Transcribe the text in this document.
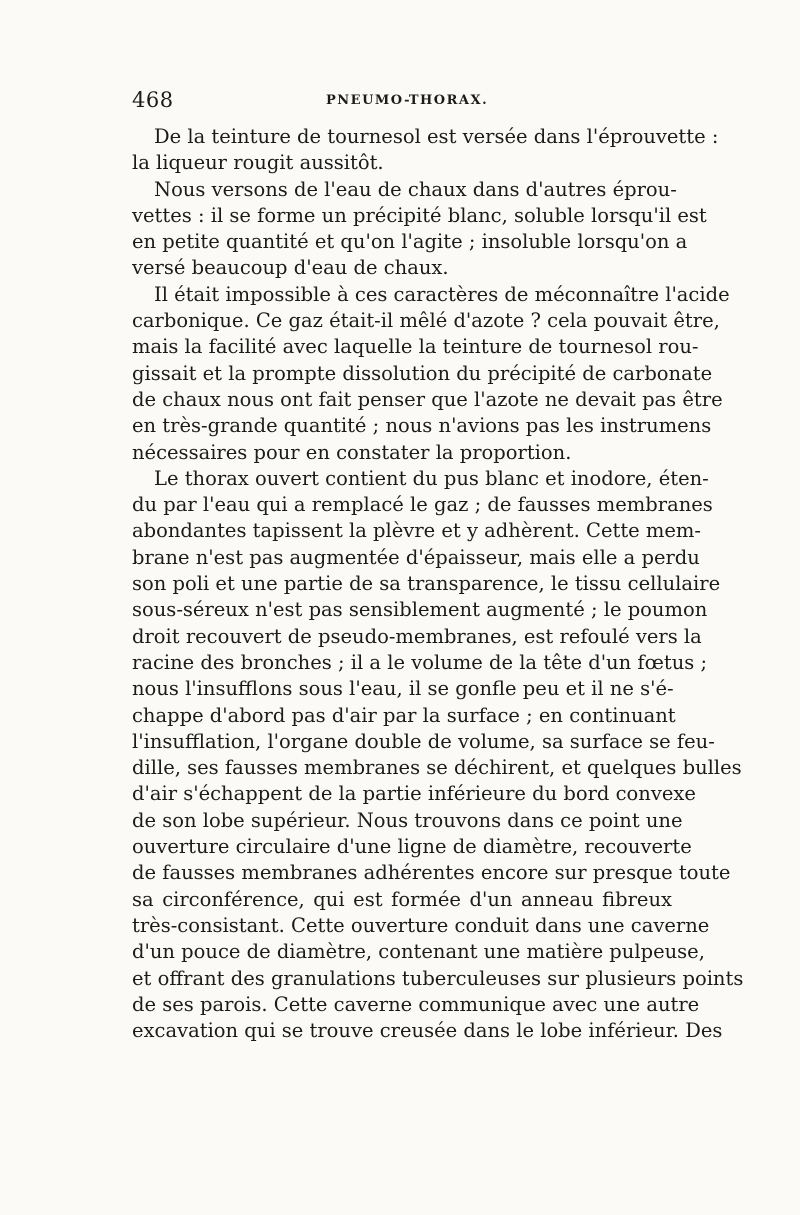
468	PNEUMO-THORAX.
De la teinture de tournesol est versée dans l'éprouvette :
la liqueur rougit aussitôt.
Nous versons de l'eau de chaux dans d'autres éprou-
vettes : il se forme un précipité blanc, soluble lorsqu'il est
en petite quantité et qu'on l'agite ; insoluble lorsqu'on a
versé beaucoup d'eau de chaux.
Il était impossible à ces caractères de méconnaître l'acide
carbonique. Ce gaz était-il mêlé d'azote ? cela pouvait être,
mais la facilité avec laquelle la teinture de tournesol rou-
gissait et la prompte dissolution du précipité de carbonate
de chaux nous ont fait penser que l'azote ne devait pas être
en très-grande quantité ; nous n'avions pas les instrumens
nécessaires pour en constater la proportion.
Le thorax ouvert contient du pus blanc et inodore, éten-
du par l'eau qui a remplacé le gaz ; de fausses membranes
abondantes tapissent la plèvre et y adhèrent. Cette mem-
brane n'est pas augmentée d'épaisseur, mais elle a perdu
son poli et une partie de sa transparence, le tissu cellulaire
sous-séreux n'est pas sensiblement augmenté ; le poumon
droit recouvert de pseudo-membranes, est refoulé vers la
racine des bronches ; il a le volume de la tête d'un fœtus ;
nous l'insufflons sous l'eau, il se gonfle peu et il ne s'é-
chappe d'abord pas d'air par la surface ; en continuant
l'insufflation, l'organe double de volume, sa surface se feu-
dille, ses fausses membranes se déchirent, et quelques bulles
d'air s'échappent de la partie inférieure du bord convexe
de son lobe supérieur. Nous trouvons dans ce point une
ouverture circulaire d'une ligne de diamètre, recouverte
de fausses membranes adhérentes encore sur presque toute
sa circonférence, qui est formée d'un anneau fibreux
très-consistant. Cette ouverture conduit dans une caverne
d'un pouce de diamètre, contenant une matière pulpeuse,
et offrant des granulations tuberculeuses sur plusieurs points
de ses parois. Cette caverne communique avec une autre
excavation qui se trouve creusée dans le lobe inférieur. Des
